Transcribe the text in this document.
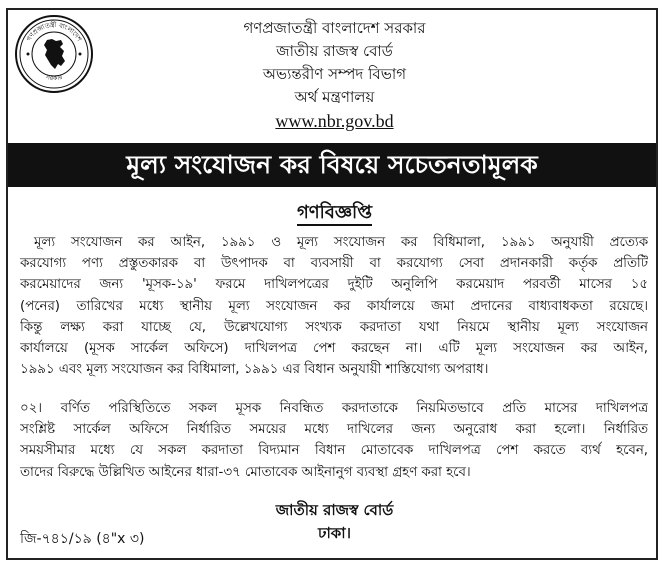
গণপ্রজাতন্ত্রী বাংলাদেশ
সরকার
গণপ্রজাতন্ত্রী বাংলাদেশ সরকার
জাতীয় রাজস্ব বোর্ড
অভ্যন্তরীণ সম্পদ বিভাগ
অর্থ মন্ত্রণালয়
www.nbr.gov.bd
মূল্য সংযোজন কর বিষয়ে সচেতনতামূলক
গণবিজ্ঞপ্তি
মূল্য সংযোজন কর আইন, ১৯৯১ ও মূল্য সংযোজন কর বিধিমালা, ১৯৯১ অনুযায়ী প্রত্যেক
করযোগ্য পণ্য প্রস্তুতকারক বা উৎপাদক বা ব্যবসায়ী বা করযোগ্য সেবা প্রদানকারী কর্তৃক প্রতিটি
করমেয়াদের জন্য 'মূসক-১৯' ফরমে দাখিলপত্রের দুইটি অনুলিপি করমেয়াদ পরবর্তী মাসের ১৫
(পনের) তারিখের মধ্যে স্থানীয় মূল্য সংযোজন কর কার্যালয়ে জমা প্রদানের বাধ্যবাধকতা রয়েছে।
কিন্তু লক্ষ্য করা যাচ্ছে যে, উল্লেখযোগ্য সংখ্যক করদাতা যথা নিয়মে স্থানীয় মূল্য সংযোজন
কার্যালয়ে (মূসক সার্কেল অফিসে) দাখিলপত্র পেশ করছেন না। এটি মূল্য সংযোজন কর আইন,
১৯৯১ এবং মূল্য সংযোজন কর বিধিমালা, ১৯৯১ এর বিধান অনুযায়ী শাস্তিযোগ্য অপরাধ।
০২। বর্ণিত পরিস্থিতিতে সকল মূসক নিবন্ধিত করদাতাকে নিয়মিতভাবে প্রতি মাসের দাখিলপত্র
সংশ্লিষ্ট সার্কেল অফিসে নির্ধারিত সময়ের মধ্যে দাখিলের জন্য অনুরোধ করা হলো। নির্ধারিত
সময়সীমার মধ্যে যে সকল করদাতা বিদ্যমান বিধান মোতাবেক দাখিলপত্র পেশ করতে ব্যর্থ হবেন,
তাদের বিরুদ্ধে উল্লিখিত আইনের ধারা-৩৭ মোতাবেক আইনানুগ ব্যবস্থা গ্রহণ করা হবে।
জাতীয় রাজস্ব বোর্ড
ঢাকা।
জি-৭৪১/১৯ (৪"x ৩)
